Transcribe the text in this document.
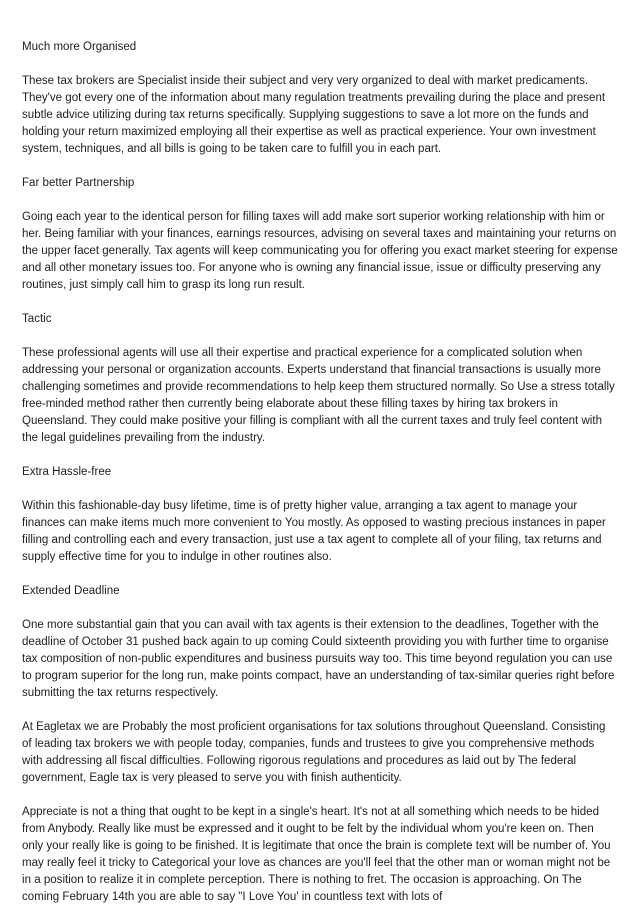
Much more Organised

These tax brokers are Specialist inside their subject and very very organized to deal with market predicaments. They've got every one of the information about many regulation treatments prevailing during the place and present subtle advice utilizing during tax returns specifically. Supplying suggestions to save a lot more on the funds and holding your return maximized employing all their expertise as well as practical experience. Your own investment system, techniques, and all bills is going to be taken care to fulfill you in each part.

Far better Partnership

Going each year to the identical person for filling taxes will add make sort superior working relationship with him or her. Being familiar with your finances, earnings resources, advising on several taxes and maintaining your returns on the upper facet generally. Tax agents will keep communicating you for offering you exact market steering for expense and all other monetary issues too. For anyone who is owning any financial issue, issue or difficulty preserving any routines, just simply call him to grasp its long run result.

Tactic

These professional agents will use all their expertise and practical experience for a complicated solution when addressing your personal or organization accounts. Experts understand that financial transactions is usually more challenging sometimes and provide recommendations to help keep them structured normally. So Use a stress totally free-minded method rather then currently being elaborate about these filling taxes by hiring tax brokers in Queensland. They could make positive your filling is compliant with all the current taxes and truly feel content with the legal guidelines prevailing from the industry.

Extra Hassle-free

Within this fashionable-day busy lifetime, time is of pretty higher value, arranging a tax agent to manage your finances can make items much more convenient to You mostly. As opposed to wasting precious instances in paper filling and controlling each and every transaction, just use a tax agent to complete all of your filing, tax returns and supply effective time for you to indulge in other routines also.

Extended Deadline

One more substantial gain that you can avail with tax agents is their extension to the deadlines, Together with the deadline of October 31 pushed back again to up coming Could sixteenth providing you with further time to organise tax composition of non-public expenditures and business pursuits way too. This time beyond regulation you can use to program superior for the long run, make points compact, have an understanding of tax-similar queries right before submitting the tax returns respectively.

At Eagletax we are Probably the most proficient organisations for tax solutions throughout Queensland. Consisting of leading tax brokers we with people today, companies, funds and trustees to give you comprehensive methods with addressing all fiscal difficulties. Following rigorous regulations and procedures as laid out by The federal government, Eagle tax is very pleased to serve you with finish authenticity.

Appreciate is not a thing that ought to be kept in a single's heart. It's not at all something which needs to be hided from Anybody. Really like must be expressed and it ought to be felt by the individual whom you're keen on. Then only your really like is going to be finished. It is legitimate that once the brain is complete text will be number of. You may really feel it tricky to Categorical your love as chances are you'll feel that the other man or woman might not be in a position to realize it in complete perception. There is nothing to fret. The occasion is approaching. On The coming February 14th you are able to say "I Love You' in countless text with lots of
